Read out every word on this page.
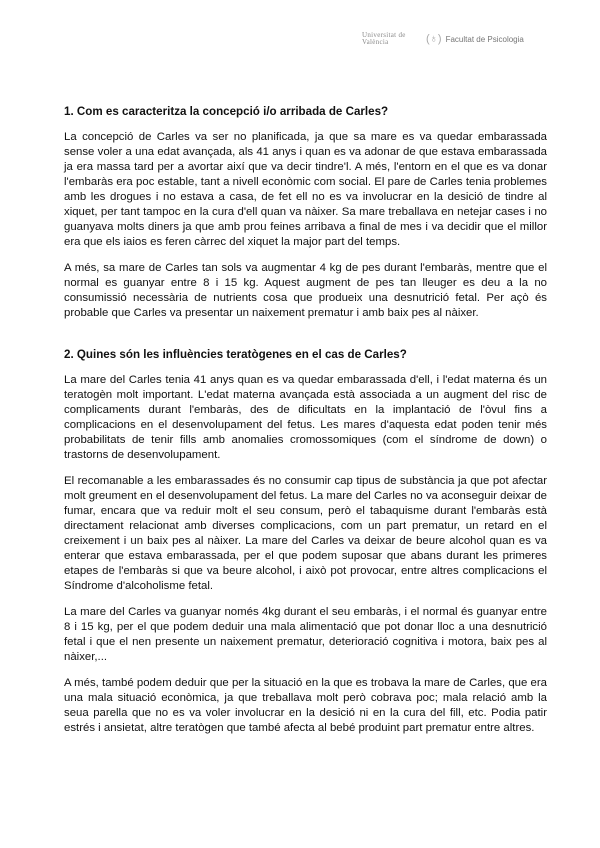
Universitat de València	(♁) Facultat de Psicologia
1. Com es caracteritza la concepció i/o arribada de Carles?

La concepció de Carles va ser no planificada, ja que sa mare es va quedar embarassada sense voler a una edat avançada, als 41 anys i quan es va adonar de que estava embarassada ja era massa tard per a avortar així que va decir tindre'l. A més, l'entorn en el que es va donar l'embaràs era poc estable, tant a nivell econòmic com social. El pare de Carles tenia problemes amb les drogues i no estava a casa, de fet ell no es va involucrar en la desició de tindre al xiquet, per tant tampoc en la cura d'ell quan va nàixer. Sa mare treballava en netejar cases i no guanyava molts diners ja que amb prou feines arribava a final de mes i va decidir que el millor era que els iaios es feren càrrec del xiquet la major part del temps.

A més, sa mare de Carles tan sols va augmentar 4 kg de pes durant l'embaràs, mentre que el normal es guanyar entre 8 i 15 kg. Aquest augment de pes tan lleuger es deu a la no consumissió necessària de nutrients cosa que produeix una desnutrició fetal. Per açò és probable que Carles va presentar un naixement prematur i amb baix pes al nàixer.

2. Quines són les influències teratògenes en el cas de Carles?

La mare del Carles tenia 41 anys quan es va quedar embarassada d'ell, i l'edat materna és un teratogèn molt important. L'edat materna avançada està associada a un augment del risc de complicaments durant l'embaràs, des de dificultats en la implantació de l'òvul fins a complicacions en el desenvolupament del fetus. Les mares d'aquesta edat poden tenir més probabilitats de tenir fills amb anomalies cromossomiques (com el síndrome de down) o trastorns de desenvolupament.

El recomanable a les embarassades és no consumir cap tipus de substància ja que pot afectar molt greument en el desenvolupament del fetus. La mare del Carles no va aconseguir deixar de fumar, encara que va reduir molt el seu consum, però el tabaquisme durant l'embaràs està directament relacionat amb diverses complicacions, com un part prematur, un retard en el creixement i un baix pes al nàixer. La mare del Carles va deixar de beure alcohol quan es va enterar que estava embarassada, per el que podem suposar que abans durant les primeres etapes de l'embaràs si que va beure alcohol, i això pot provocar, entre altres complicacions el Síndrome d'alcoholisme fetal.

La mare del Carles va guanyar només 4kg durant el seu embaràs, i el normal és guanyar entre 8 i 15 kg, per el que podem deduir una mala alimentació que pot donar lloc a una desnutrició fetal i que el nen presente un naixement prematur, deterioració cognitiva i motora, baix pes al nàixer,...

A més, també podem deduir que per la situació en la que es trobava la mare de Carles, que era una mala situació econòmica, ja que treballava molt però cobrava poc; mala relació amb la seua parella que no es va voler involucrar en la desició ni en la cura del fill, etc. Podia patir estrés i ansietat, altre teratògen que també afecta al bebé produint part prematur entre altres.
